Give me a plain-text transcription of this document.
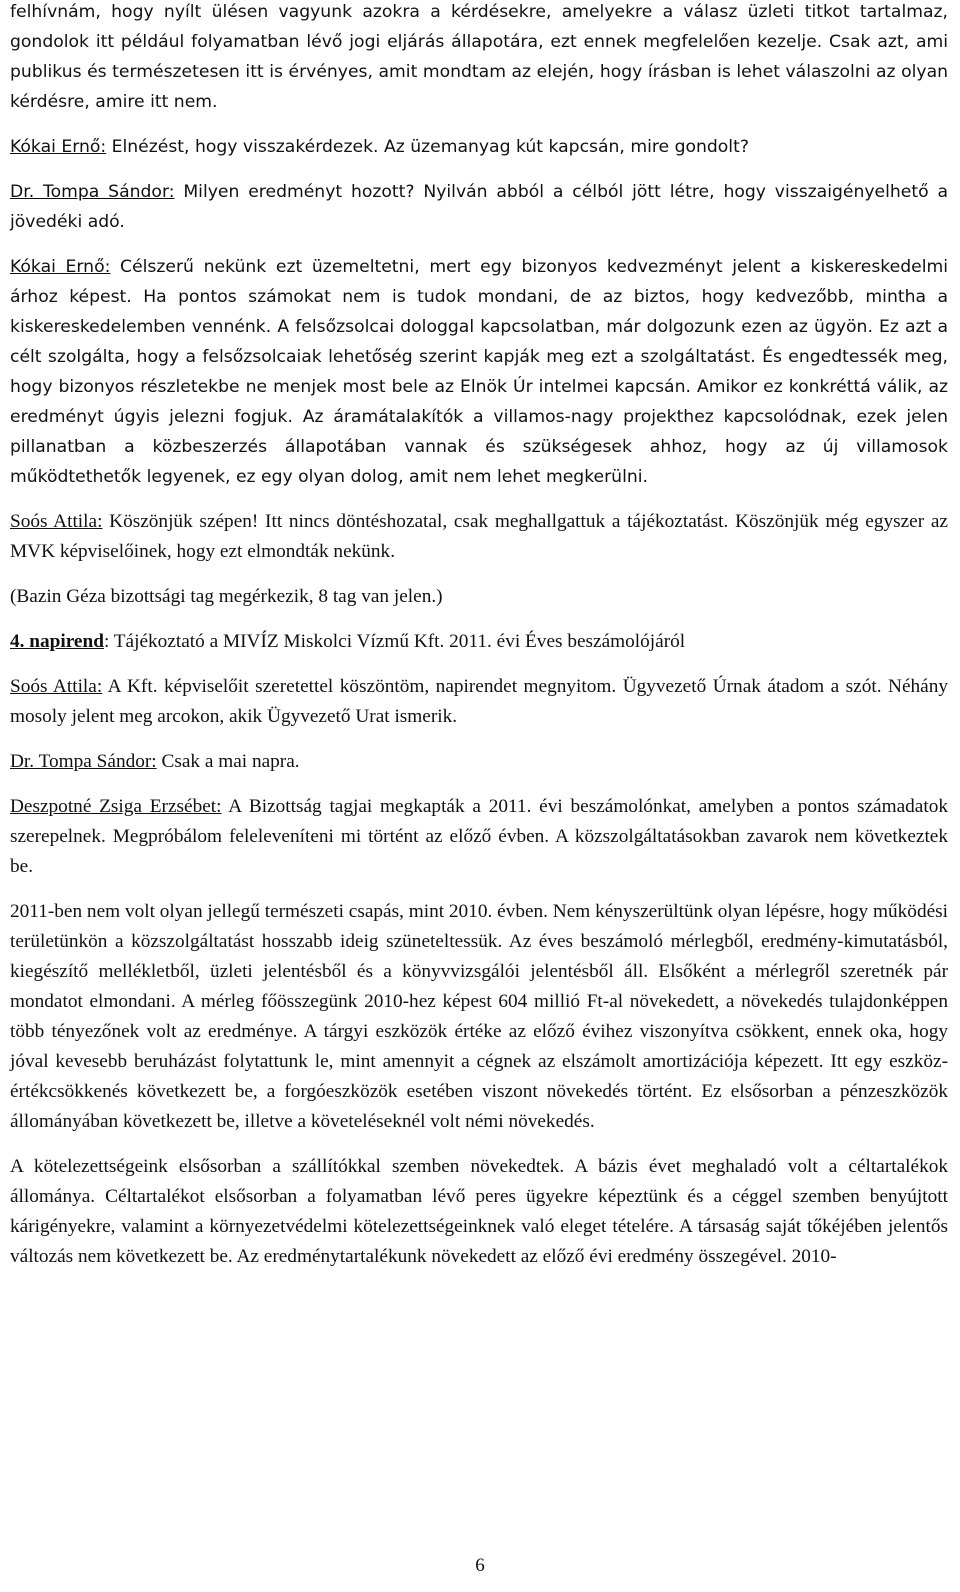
felhívnám, hogy nyílt ülésen vagyunk azokra a kérdésekre, amelyekre a válasz üzleti titkot tartalmaz, gondolok itt például folyamatban lévő jogi eljárás állapotára, ezt ennek megfelelően kezelje. Csak azt, ami publikus és természetesen itt is érvényes, amit mondtam az elején, hogy írásban is lehet válaszolni az olyan kérdésre, amire itt nem.

Kókai Ernő: Elnézést, hogy visszakérdezek. Az üzemanyag kút kapcsán, mire gondolt?

Dr. Tompa Sándor: Milyen eredményt hozott? Nyilván abból a célból jött létre, hogy visszaigényelhető a jövedéki adó.

Kókai Ernő: Célszerű nekünk ezt üzemeltetni, mert egy bizonyos kedvezményt jelent a kiskereskedelmi árhoz képest. Ha pontos számokat nem is tudok mondani, de az biztos, hogy kedvezőbb, mintha a kiskereskedelemben vennénk. A felsőzsolcai dologgal kapcsolatban, már dolgozunk ezen az ügyön. Ez azt a célt szolgálta, hogy a felsőzsolcaiak lehetőség szerint kapják meg ezt a szolgáltatást. És engedtessék meg, hogy bizonyos részletekbe ne menjek most bele az Elnök Úr intelmei kapcsán. Amikor ez konkréttá válik, az eredményt úgyis jelezni fogjuk. Az áramátalakítók a villamos-nagy projekthez kapcsolódnak, ezek jelen pillanatban a közbeszerzés állapotában vannak és szükségesek ahhoz, hogy az új villamosok működtethetők legyenek, ez egy olyan dolog, amit nem lehet megkerülni.

Soós Attila: Köszönjük szépen! Itt nincs döntéshozatal, csak meghallgattuk a tájékoztatást. Köszönjük még egyszer az MVK képviselőinek, hogy ezt elmondták nekünk.

(Bazin Géza bizottsági tag megérkezik, 8 tag van jelen.)

4. napirend: Tájékoztató a MIVÍZ Miskolci Vízmű Kft. 2011. évi Éves beszámolójáról

Soós Attila: A Kft. képviselőit szeretettel köszöntöm, napirendet megnyitom. Ügyvezető Úrnak átadom a szót. Néhány mosoly jelent meg arcokon, akik Ügyvezető Urat ismerik.

Dr. Tompa Sándor: Csak a mai napra.

Deszpotné Zsiga Erzsébet: A Bizottság tagjai megkapták a 2011. évi beszámolónkat, amelyben a pontos számadatok szerepelnek. Megpróbálom feleleveníteni mi történt az előző évben. A közszolgáltatásokban zavarok nem következtek be.

2011-ben nem volt olyan jellegű természeti csapás, mint 2010. évben. Nem kényszerültünk olyan lépésre, hogy működési területünkön a közszolgáltatást hosszabb ideig szüneteltessük. Az éves beszámoló mérlegből, eredmény-kimutatásból, kiegészítő mellékletből, üzleti jelentésből és a könyvvizsgálói jelentésből áll. Elsőként a mérlegről szeretnék pár mondatot elmondani. A mérleg főösszegünk 2010-hez képest 604 millió Ft-al növekedett, a növekedés tulajdonképpen több tényezőnek volt az eredménye. A tárgyi eszközök értéke az előző évihez viszonyítva csökkent, ennek oka, hogy jóval kevesebb beruházást folytattunk le, mint amennyit a cégnek az elszámolt amortizációja képezett. Itt egy eszköz-értékcsökkenés következett be, a forgóeszközök esetében viszont növekedés történt. Ez elsősorban a pénzeszközök állományában következett be, illetve a követeléseknél volt némi növekedés.

A kötelezettségeink elsősorban a szállítókkal szemben növekedtek. A bázis évet meghaladó volt a céltartalékok állománya. Céltartalékot elsősorban a folyamatban lévő peres ügyekre képeztünk és a céggel szemben benyújtott kárigényekre, valamint a környezetvédelmi kötelezettségeinknek való eleget tételére. A társaság saját tőkéjében jelentős változás nem következett be. Az eredménytartalékunk növekedett az előző évi eredmény összegével. 2010-

6
